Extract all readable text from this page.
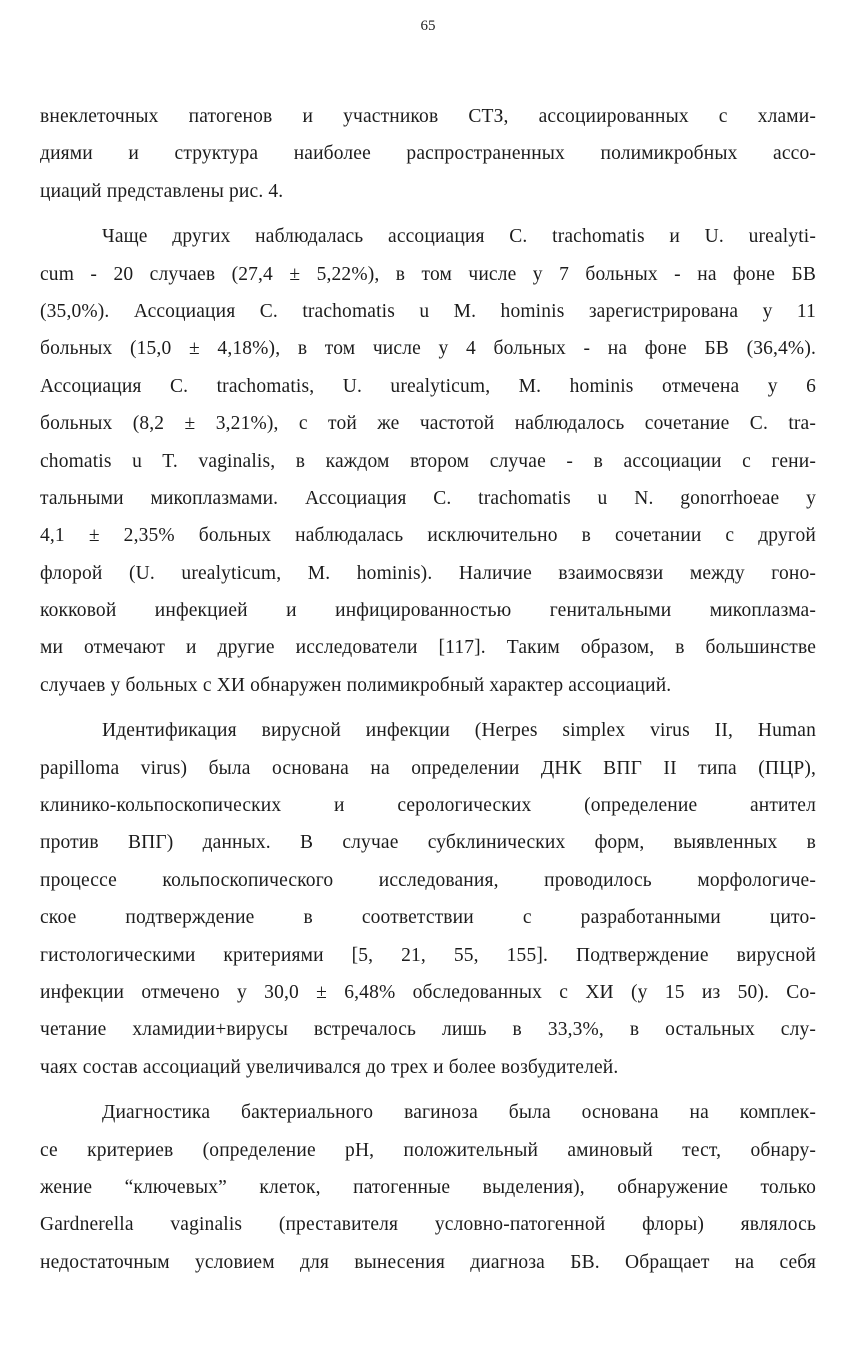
65
внеклеточных патогенов и участников СТЗ, ассоциированных с хлами-
диями и структура наиболее распространенных полимикробных ассо-
циаций представлены рис. 4.
Чаще других наблюдалась ассоциация C. trachomatis и U. urealyti-
cum - 20 случаев (27,4 ± 5,22%), в том числе у 7 больных - на фоне БВ
(35,0%). Ассоциация C. trachomatis u M. hominis зарегистрирована у 11
больных (15,0 ± 4,18%), в том числе у 4 больных - на фоне БВ (36,4%).
Ассоциация C. trachomatis, U. urealyticum, M. hominis отмечена у 6
больных (8,2 ± 3,21%), с той же частотой наблюдалось сочетание C. tra-
chomatis u T. vaginalis, в каждом втором случае - в ассоциации с гени-
тальными микоплазмами. Ассоциация C. trachomatis u N. gonorrhoeae у
4,1 ± 2,35% больных наблюдалась исключительно в сочетании с другой
флорой (U. urealyticum, M. hominis). Наличие взаимосвязи между гоно-
кокковой инфекцией и инфицированностью генитальными микоплазма-
ми отмечают и другие исследователи [117]. Таким образом, в большинстве
случаев у больных с ХИ обнаружен полимикробный характер ассоциаций.
Идентификация вирусной инфекции (Herpes simplex virus II, Human
papilloma virus) была основана на определении ДНК ВПГ II типа (ПЦР),
клинико-кольпоскопических и серологических (определение антител
против ВПГ) данных. В случае субклинических форм, выявленных в
процессе кольпоскопического исследования, проводилось морфологиче-
ское подтверждение в соответствии с разработанными цито-
гистологическими критериями [5, 21, 55, 155]. Подтверждение вирусной
инфекции отмечено у 30,0 ± 6,48% обследованных с ХИ (у 15 из 50). Со-
четание хламидии+вирусы встречалось лишь в 33,3%, в остальных слу-
чаях состав ассоциаций увеличивался до трех и более возбудителей.
Диагностика бактериального вагиноза была основана на комплек-
се критериев (определение pH, положительный аминовый тест, обнару-
жение “ключевых” клеток, патогенные выделения), обнаружение только
Gardnerella vaginalis (преставителя условно-патогенной флоры) являлось
недостаточным условием для вынесения диагноза БВ. Обращает на себя
